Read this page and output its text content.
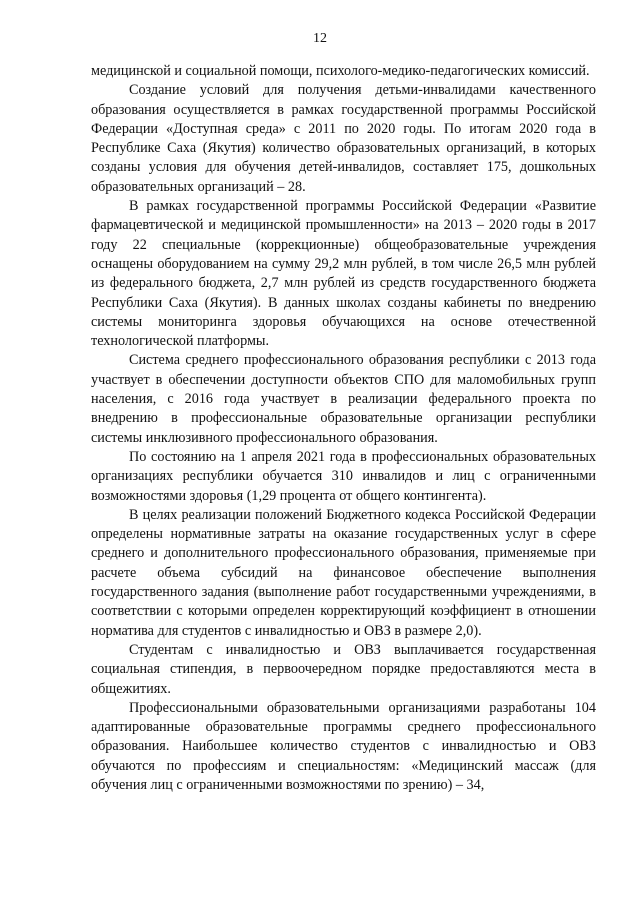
12

медицинской и социальной помощи, психолого-медико-педагогических комиссий.

Создание условий для получения детьми-инвалидами качественного образования осуществляется в рамках государственной программы Российской Федерации «Доступная среда» с 2011 по 2020 годы. По итогам 2020 года в Республике Саха (Якутия) количество образовательных организаций, в которых созданы условия для обучения детей-инвалидов, составляет 175, дошкольных образовательных организаций – 28.

В рамках государственной программы Российской Федерации «Развитие фармацевтической и медицинской промышленности» на 2013 – 2020 годы в 2017 году 22 специальные (коррекционные) общеобразовательные учреждения оснащены оборудованием на сумму 29,2 млн рублей, в том числе 26,5 млн рублей из федерального бюджета, 2,7 млн рублей из средств государственного бюджета Республики Саха (Якутия). В данных школах созданы кабинеты по внедрению системы мониторинга здоровья обучающихся на основе отечественной технологической платформы.

Система среднего профессионального образования республики с 2013 года участвует в обеспечении доступности объектов СПО для маломобильных групп населения, с 2016 года участвует в реализации федерального проекта по внедрению в профессиональные образовательные организации республики системы инклюзивного профессионального образования.

По состоянию на 1 апреля 2021 года в профессиональных образовательных организациях республики обучается 310 инвалидов и лиц с ограниченными возможностями здоровья (1,29 процента от общего контингента).

В целях реализации положений Бюджетного кодекса Российской Федерации определены нормативные затраты на оказание государственных услуг в сфере среднего и дополнительного профессионального образования, применяемые при расчете объема субсидий на финансовое обеспечение выполнения государственного задания (выполнение работ государственными учреждениями, в соответствии с которыми определен корректирующий коэффициент в отношении норматива для студентов с инвалидностью и ОВЗ в размере 2,0).

Студентам с инвалидностью и ОВЗ выплачивается государственная социальная стипендия, в первоочередном порядке предоставляются места в общежитиях.

Профессиональными образовательными организациями разработаны 104 адаптированные образовательные программы среднего профессионального образования. Наибольшее количество студентов с инвалидностью и ОВЗ обучаются по профессиям и специальностям: «Медицинский массаж (для обучения лиц с ограниченными возможностями по зрению) – 34,
